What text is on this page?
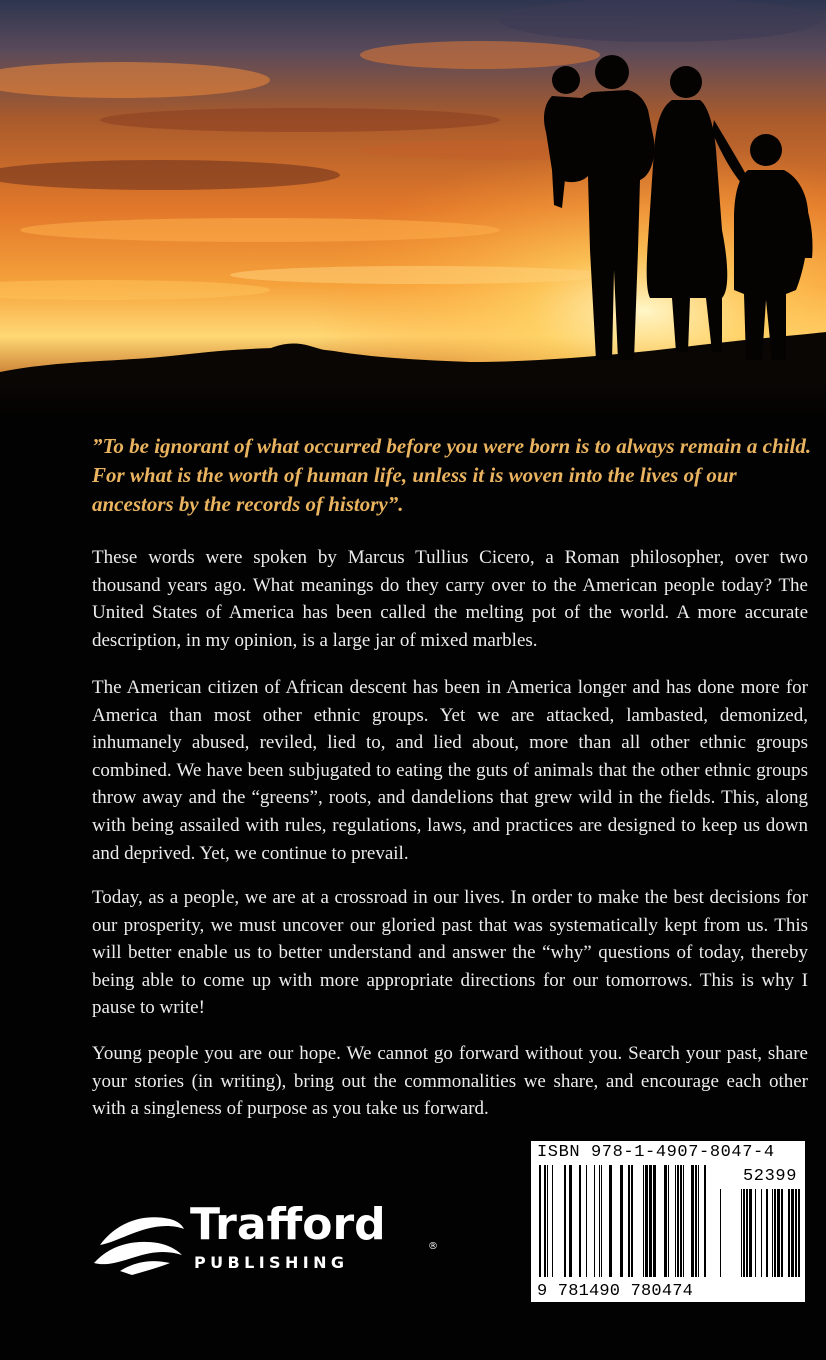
”To be ignorant of what occurred before you were born is to always remain a child. For what is the worth of human life, unless it is woven into the lives of our ancestors by the records of history”.

These words were spoken by Marcus Tullius Cicero, a Roman philosopher, over two thousand years ago. What meanings do they carry over to the American people today? The United States of America has been called the melting pot of the world. A more accurate description, in my opinion, is a large jar of mixed marbles.

The American citizen of African descent has been in America longer and has done more for America than most other ethnic groups. Yet we are attacked, lambasted, demonized, inhumanely abused, reviled, lied to, and lied about, more than all other ethnic groups combined. We have been subjugated to eating the guts of animals that the other ethnic groups throw away and the “greens”, roots, and dandelions that grew wild in the fields. This, along with being assailed with rules, regulations, laws, and practices are designed to keep us down and deprived. Yet, we continue to prevail.

Today, as a people, we are at a crossroad in our lives. In order to make the best decisions for our prosperity, we must uncover our gloried past that was systematically kept from us. This will better enable us to better understand and answer the “why” questions of today, thereby being able to come up with more appropriate directions for our tomorrows. This is why I pause to write!

Young people you are our hope. We cannot go forward without you. Search your past, share your stories (in writing), bring out the commonalities we share, and encourage each other with a singleness of purpose as you take us forward.

Trafford	®
PUBLISHING
ISBN 978-1-4907-8047-4
52399
9 781490 780474
